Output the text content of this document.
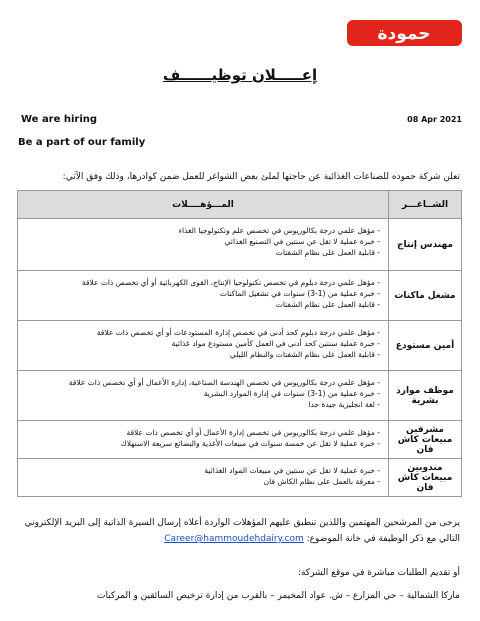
حمودة
إعـــــلان توظيــــــف
We are hiring	08 Apr 2021
Be a part of our family
تعلن شركة حموده للصناعات الغذائية عن حاجتها لملئ بعض الشواغر للعمل ضمن كوادرها، وذلك وفق الآتي:
الشــاغـــر	المـــؤهــــلات
مهندس إنتاج	- مؤهل علمي درجة بكالوريوس في تخصص علم وتكنولوجيا الغذاء
- خبرة عملية لا تقل عن سنتين في التصنيع الغذائي
- قابلية العمل على نظام الشفتات

مشغل ماكنات	- مؤهل علمي درجة دبلوم في تخصص تكنولوجيا الإنتاج، القوى الكهربائية أو أي تخصص ذات علاقة
- خبرة عملية من (1-3) سنوات في تشغيل الماكنات
- قابلية العمل على نظام الشفتات

أمين مستودع	- مؤهل علمي درجة دبلوم كحد أدنى في تخصص إدارة المستودعات أو أي تخصص ذات علاقة
- خبرة عملية سنتين كحد أدنى في العمل كأمين مستودع مواد غذائية
- قابلية العمل على نظام الشفتات والنظام الليلي

موظف موارد بشرية	- مؤهل علمي درجة بكالوريوس في تخصص الهندسة الصناعية، إدارة الأعمال أو أي تخصص ذات علاقة
- خبرة عملية من (1-3) سنوات في إدارة الموارد البشرية
- لغة انجليزية جيدة جدا

مشرفين مبيعات كاش فان	- مؤهل علمي درجة بكالوريوس في تخصص إدارة الأعمال أو أي تخصص ذات علاقة
- خبرة عملية لا تقل عن خمسة سنوات في مبيعات الأغذية والبضائع سريعة الاستهلاك

مندوبين مبيعات كاش فان	- خبرة عملية لا تقل عن سنتين في مبيعات المواد الغذائية
- معرفة بالعمل على نظام الكاش فان
يرجى من المرشحين المهتمين واللذين تنطبق عليهم المؤهلات الواردة أعلاه إرسال السيرة الذاتية إلى البريد الإلكتروني
التالي مع ذكر الوظيفة في خانة الموضوع: Career@hammoudehdairy.com
أو تقديم الطلبات مباشرة في موقع الشركة:
ماركا الشمالية – حي المزارع – ش. عواد المخيمر – بالقرب من إدارة ترخيص السائقين و المركبات
